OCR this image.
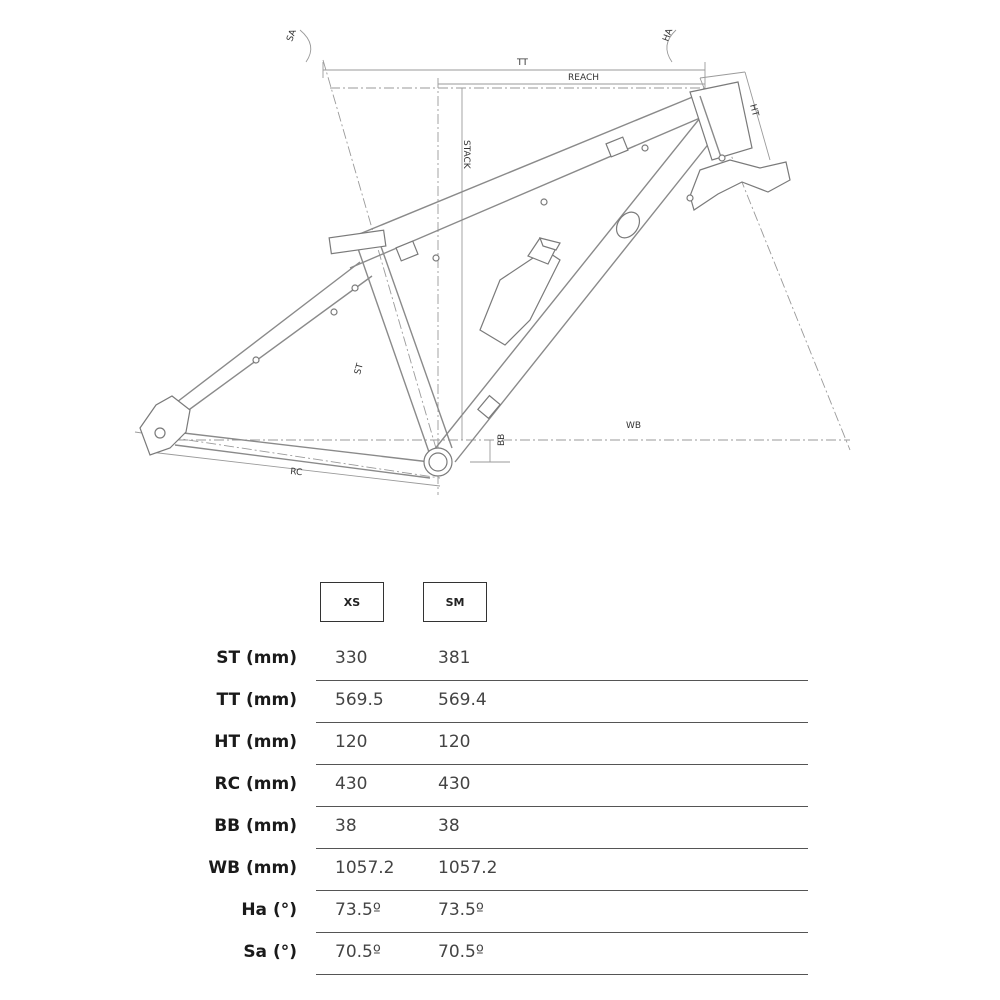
SA	HA
TT
REACH
HT
STACK
ST
WB
BB
RC
XS	SM
ST (mm) 330	381
TT (mm) 569.5	569.4
HT (mm) 120	120
RC (mm) 430	430
BB (mm) 38	38
WB (mm) 1057.2	1057.2
Ha (°) 73.5º	73.5º
Sa (°) 70.5º	70.5º
